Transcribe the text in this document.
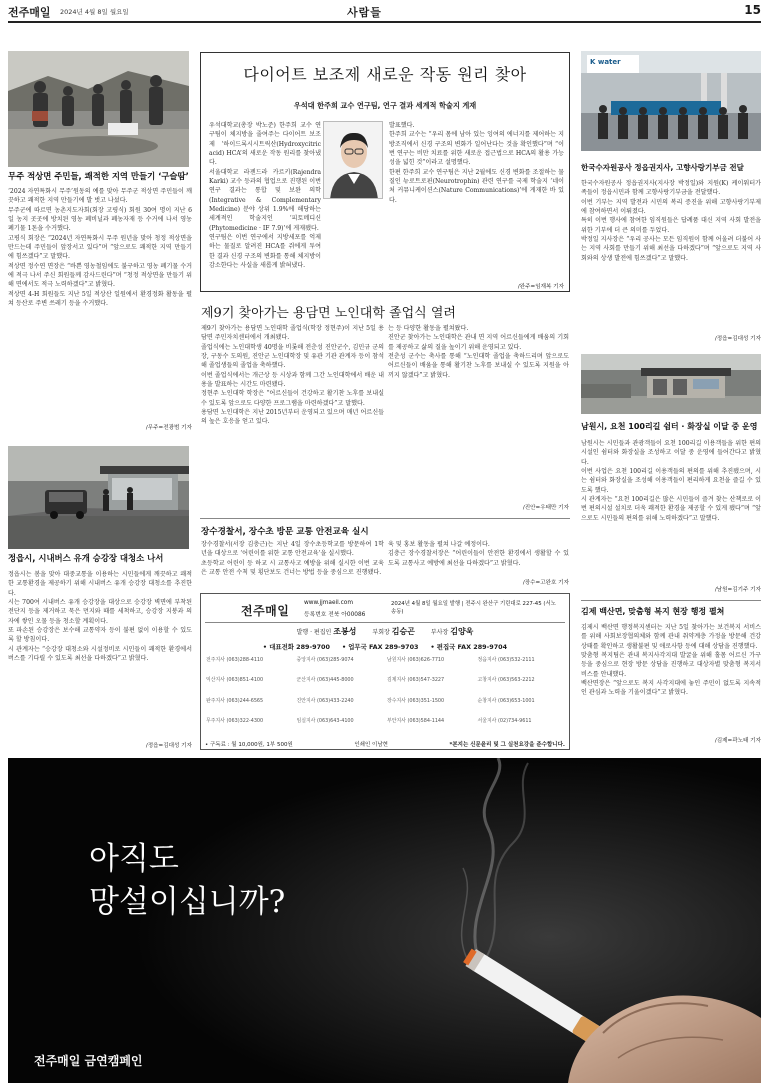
전주매일 2024년 4월 8일 월요일	사람들	15
무주 적상면 주민들, 쾌적한 지역 만들기 ‘구슬땀’
‘2024 자연특화시 무주’원동의 예를 맞아 무주군 적상면 주민들이 깨끗하고 쾌적한 지역 만들기에 발 벗고 나섰다.
무주군에 따르면 농촌지도자회(회장 고평식) 회원 30여 명이 지난 6일 농지 곳곳에 방치된 영농 폐비닐과 폐농자재 등 수거에 나서 영농폐기물 1톤을 수거했다.
고평식 회장은 “2024년 자연특화시 무주 원년을 맞아 청정 적상면을 만드는데 주민들이 앞장서고 있다”며 “앞으로도 쾌적한 지역 만들기에 힘쓰겠다”고 말했다.
적상면 정수연 면장은 “바쁜 영농철임에도 불구하고 영농 폐기물 수거에 적극 나서 주신 회원들께 감사드린다”며 “청정 적상면을 만들기 위해 면에서도 적극 노력하겠다”고 밝혔다.
적상면 4-H 회원들도 지난 5일 적상산 일원에서 환경정화 활동을 펼쳐 등산로 주변 쓰레기 등을 수거했다.
/무주=전광범 기자
정읍시, 시내버스 유개 승강장 대청소 나서
정읍시는 봄을 맞아 대중교통을 이용하는 시민들에게 깨끗하고 쾌적한 교통환경을 제공하기 위해 시내버스 유개 승강장 대청소를 추진한다.
시는 700여 시내버스 유개 승강장을 대상으로 승강장 벽면에 부착된 전단지 등을 제거하고 묵은 먼지와 때를 세척하고, 승강장 지붕과 의자에 쌓인 오물 등을 청소할 계획이다.
또 파손된 승강장은 보수해 교통약자 등이 불편 없이 이용할 수 있도록 할 방침이다.
시 관계자는 “승강장 대청소와 시설정비로 시민들이 쾌적한 환경에서 버스를 기다릴 수 있도록 최선을 다하겠다”고 밝혔다.
/정읍=김대성 기자
다이어트 보조제 새로운 작동 원리 찾아
우석대 한주희 교수 연구팀, 연구 결과 세계적 학술지 게재
우석대학교(총장 박노준) 한주희 교수 연구팀이 체지방을 줄여주는 다이어트 보조제 ‘하이드록시시트릭산(Hydroxycitric acid) HCA’의 새로운 작동 원리를 찾아냈다.
서울대학교 라젠드라 카르키(Rajendra Karki) 교수 등과의 협업으로 진행된 이번 연구 결과는 통합 및 보완 의학(Integrative & Complementary Medicine) 분야 상위 1.9%에 해당하는 세계적인 학술지인 ‘피토메디신(Phytomedicine · IF 7.9)’에 게재됐다.
연구팀은 이번 연구에서 지방세포를 억제하는 물질로 알려진 HCA를 쥐에게 투여한 결과 신경 구조의 변화를 통해 체지방이 감소한다는 사실을 새롭게 밝혀냈다.
발표했다.
한주희 교수는 “우리 몸에 남아 있는 잉여의 에너지를 제어하는 지방조직에서 신경 구조의 변화가 일어난다는 것을 확인했다”며 “이번 연구는 비만 치료를 위한 새로운 접근법으로 HCA의 활용 가능성을 넓힌 것”이라고 설명했다.
한편 한주희 교수 연구팀은 지난 2월에도 신경 변화를 조절하는 물질인 뉴로트로핀(Neurotrophin) 관련 연구를 국제 학술지 ‘네이처 커뮤니케이션스(Nature Communications)’에 게재한 바 있다.
/완주=임재복 기자
제9기 찾아가는 용담면 노인대학 졸업식 열려
제9기 찾아가는 용담면 노인대학 졸업식(학장 정현주)이 지난 5일 용담면 주민자치센터에서 개최됐다.
졸업식에는 노인대학생 40명을 비롯해 전춘성 진안군수, 김민규 군의장, 구동수 도의원, 진안군 노인대학장 및 유관 기관 관계자 등이 참석해 졸업생들의 졸업을 축하했다.
이번 졸업식에서는 개근상 등 시상과 함께 그간 노인대학에서 배운 내용을 발표하는 시간도 마련됐다.
정현주 노인대학 학장은 “어르신들이 건강하고 활기찬 노후를 보내실 수 있도록 앞으로도 다양한 프로그램을 마련하겠다”고 말했다.
용담면 노인대학은 지난 2015년부터 운영되고 있으며 매년 어르신들의 높은 호응을 얻고 있다.
는 등 다양한 활동을 펼쳐왔다.
진안군 찾아가는 노인대학은 관내 면 지역 어르신들에게 배움의 기회를 제공하고 삶의 질을 높이기 위해 운영되고 있다.
전춘성 군수는 축사를 통해 “노인대학 졸업을 축하드리며 앞으로도 어르신들이 배움을 통해 활기찬 노후를 보내실 수 있도록 지원을 아끼지 않겠다”고 밝혔다.
/진안=우태만 기자
장수경찰서, 장수초 방문 교통 안전교육 실시
장수경찰서(서장 김충근)는 지난 4일 장수초등학교를 방문하여 1학년을 대상으로 ‘어린이를 위한 교통 안전교육’을 실시했다.
초등학교 어린이 등 하교 시 교통사고 예방을 위해 실시한 이번 교육은 교통 안전 수칙 및 횡단보도 건너는 방법 등을 중심으로 진행됐다.
육 및 홍보 활동을 펼쳐 나갈 예정이다.
김충근 장수경찰서장은 “어린이들이 안전한 환경에서 생활할 수 있도록 교통사고 예방에 최선을 다하겠다”고 밝혔다.
/장수=고완호 기자
전주매일
www.jjmaeil.com
등록번호 전북 아00086
2024년 4월 8일 월요일 발행 | 전주시 완산구 기린대로 227-45 (서노송동)
발행 · 편집인 조봉성	부회장 김승곤	부사장 김양욱
• 대표전화 289-9700 • 업무국 FAX 289-9703 • 편집국 FAX 289-9704
전주지사 (063)288-4110	중앙지사 (063)285-9074	남원지사 (063)626-7710	정읍지사 (063)532-2111
익산지사 (063)851-4100	군산지사 (063)445-8000	김제지사 (063)547-3227	고창지사 (063)563-2212
완주지사 (063)244-6565	진안지사 (063)433-2240	장수지사 (063)351-1500	순창지사 (063)653-1001
무주지사 (063)322-4300	임실지사 (063)643-4100	부안지사 (063)584-1144	서울지사 (02)734-9611
• 구독료 : 월 10,000원, 1부 500원	인쇄인 이남현	*본지는 신문윤리 및 그 실천요강을 준수합니다.
K water
한국수자원공사 정읍권지사, 고향사랑기부금 전달
한국수자원공사 정읍권지사(지사장 박정일)와 지원(K) 케이워터가족들이 정읍시민과 함께 고향사랑기부금을 전달했다.
이번 기부는 지역 발전과 시민의 복리 증진을 위해 고향사랑기부제에 참여하면서 이뤄졌다.
특히 이번 행사에 참여한 임직원들은 답례품 대신 지역 사회 발전을 위한 기부에 더 큰 의미를 두었다.
박정일 지사장은 “우리 공사는 모든 임직원이 함께 어울려 더불어 사는 지역 사회를 만들기 위해 최선을 다하겠다”며 “앞으로도 지역 사회와의 상생 발전에 힘쓰겠다”고 말했다.
/정읍=김대성 기자
남원시, 요천 100리길 쉼터 · 화장실 이달 중 운영
남원시는 시민들과 관광객들이 요천 100리길 이용객들을 위한 편의시설인 쉼터와 화장실을 조성하고 이달 중 운영에 들어간다고 밝혔다.
이번 사업은 요천 100리길 이용객들의 편의를 위해 추진됐으며, 시는 쉼터와 화장실을 조성해 이용객들이 편리하게 요천을 즐길 수 있도록 했다.
시 관계자는 “요천 100리길은 많은 시민들이 즐겨 찾는 산책로로 이번 편의시설 설치로 더욱 쾌적한 환경을 제공할 수 있게 됐다”며 “앞으로도 시민들의 편의를 위해 노력하겠다”고 말했다.
/남원=김기주 기자
김제 백산면, 맞춤형 복지 현장 행정 펼쳐
김제시 백산면 행정복지센터는 지난 5일 찾아가는 보건복지 서비스를 위해 사회보장협의체와 함께 관내 취약계층 가정을 방문해 건강 상태를 확인하고 생활불편 및 애로사항 등에 대해 상담을 진행했다.
맞춤형 복지팀은 관내 복지사각지대 발굴을 위해 홀몸 어르신 가구 등을 중심으로 현장 방문 상담을 진행하고 대상자별 맞춤형 복지서비스를 안내했다.
백산면장은 “앞으로도 복지 사각지대에 놓인 주민이 없도록 지속적인 관심과 노력을 기울이겠다”고 밝혔다.
/김제=곽노태 기자
아직도
망설이십니까?
전주매일 금연캠페인
